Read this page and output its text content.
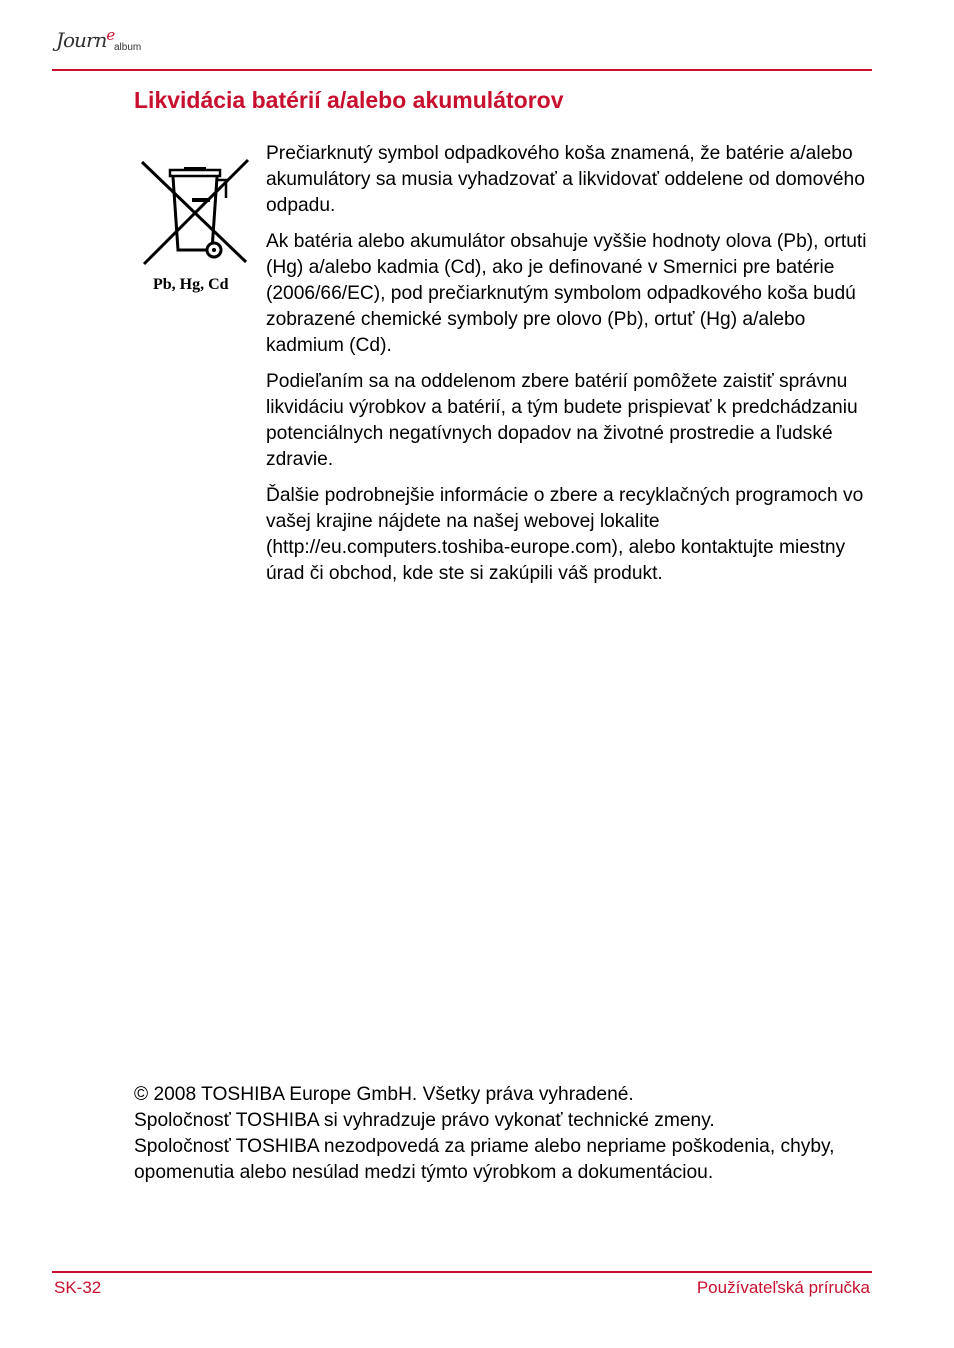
Journ$^e$
album
Likvidácia batérií a/alebo akumulátorov
Pb, Hg, Cd

Prečiarknutý symbol odpadkového koša znamená, že batérie a/alebo akumulátory sa musia vyhadzovať a likvidovať oddelene od domového odpadu.

Ak batéria alebo akumulátor obsahuje vyššie hodnoty olova (Pb), ortuti (Hg) a/alebo kadmia (Cd), ako je definované v Smernici pre batérie (2006/66/EC), pod prečiarknutým symbolom odpadkového koša budú zobrazené chemické symboly pre olovo (Pb), ortuť (Hg) a/alebo kadmium (Cd).

Podieľaním sa na oddelenom zbere batérií pomôžete zaistiť správnu likvidáciu výrobkov a batérií, a tým budete prispievať k predchádzaniu potenciálnych negatívnych dopadov na životné prostredie a ľudské zdravie.

Ďalšie podrobnejšie informácie o zbere a recyklačných programoch vo vašej krajine nájdete na našej webovej lokalite (http://eu.computers.toshiba-europe.com), alebo kontaktujte miestny úrad či obchod, kde ste si zakúpili váš produkt.

© 2008 TOSHIBA Europe GmbH. Všetky práva vyhradené.

Spoločnosť TOSHIBA si vyhradzuje právo vykonať technické zmeny.

Spoločnosť TOSHIBA nezodpovedá za priame alebo nepriame poškodenia, chyby, opomenutia alebo nesúlad medzi týmto výrobkom a dokumentáciou.

SK-32	Používateľská príručka
